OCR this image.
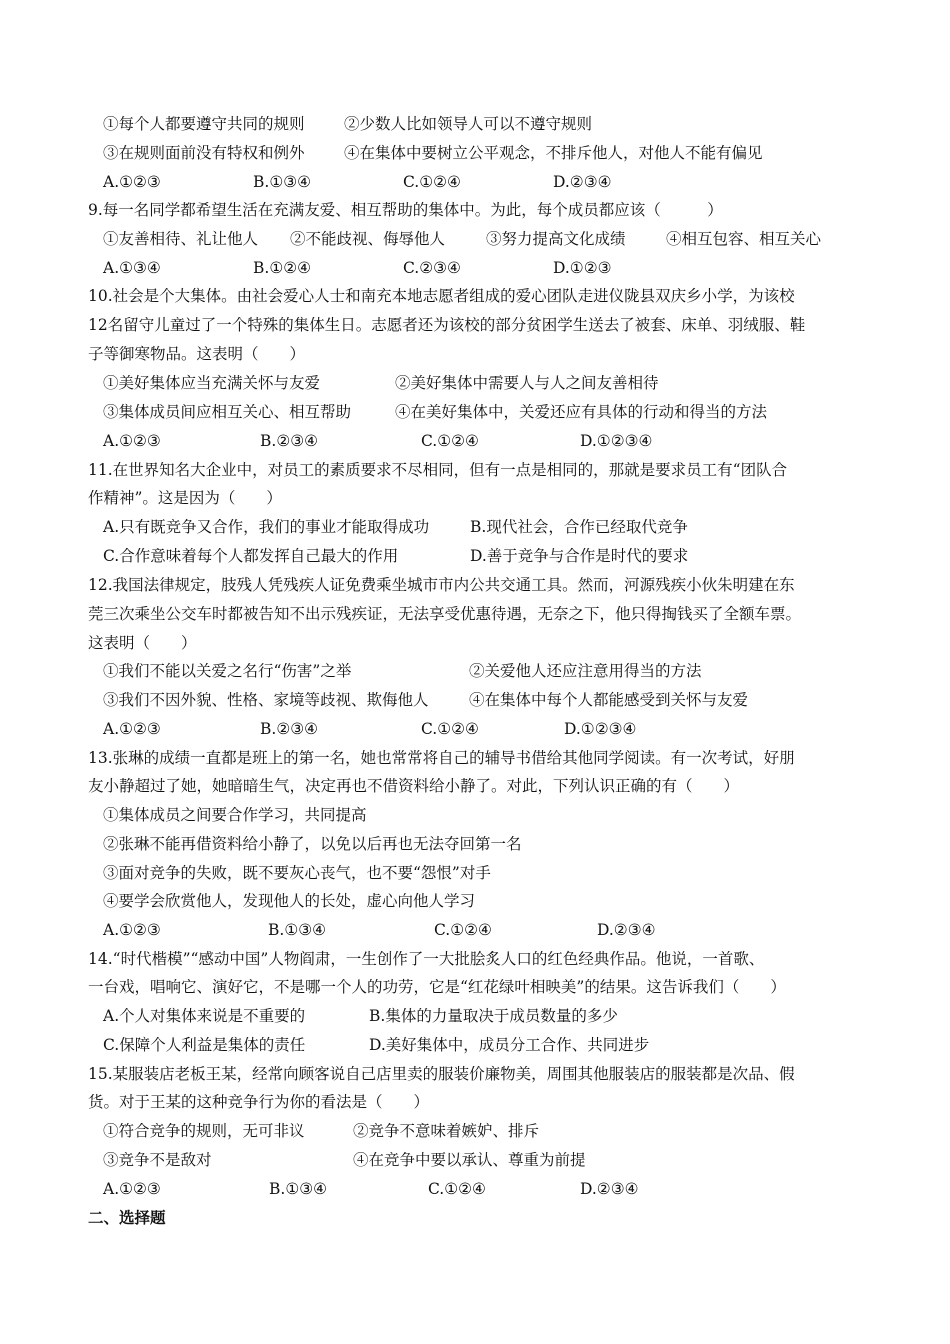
①每个人都要遵守共同的规则	②少数人比如领导人可以不遵守规则
③在规则面前没有特权和例外	④在集体中要树立公平观念，不排斥他人，对他人不能有偏见
A.①②③	B.①③④	C.①②④	D.②③④
9.每一名同学都希望生活在充满友爱、相互帮助的集体中。为此，每个成员都应该（　　　）
①友善相待、礼让他人 ②不能歧视、侮辱他人	③努力提高文化成绩	④相互包容、相互关心
A.①③④	B.①②④	C.②③④	D.①②③
10.社会是个大集体。由社会爱心人士和南充本地志愿者组成的爱心团队走进仪陇县双庆乡小学，为该校
12名留守儿童过了一个特殊的集体生日。志愿者还为该校的部分贫困学生送去了被套、床单、羽绒服、鞋
子等御寒物品。这表明（　　）
①美好集体应当充满关怀与友爱	②美好集体中需要人与人之间友善相待
③集体成员间应相互关心、相互帮助	④在美好集体中，关爱还应有具体的行动和得当的方法
A.①②③	B.②③④	C.①②④	D.①②③④
11.在世界知名大企业中，对员工的素质要求不尽相同，但有一点是相同的，那就是要求员工有“团队合
作精神”。这是因为（　　）
A.只有既竞争又合作，我们的事业才能取得成功	B.现代社会，合作已经取代竞争
C.合作意味着每个人都发挥自己最大的作用	D.善于竞争与合作是时代的要求
12.我国法律规定，肢残人凭残疾人证免费乘坐城市市内公共交通工具。然而，河源残疾小伙朱明建在东
莞三次乘坐公交车时都被告知不出示残疾证，无法享受优惠待遇，无奈之下，他只得掏钱买了全额车票。
这表明（　　）
①我们不能以关爱之名行“伤害”之举	②关爱他人还应注意用得当的方法
③我们不因外貌、性格、家境等歧视、欺侮他人	④在集体中每个人都能感受到关怀与友爱
A.①②③	B.②③④	C.①②④	D.①②③④
13.张琳的成绩一直都是班上的第一名，她也常常将自己的辅导书借给其他同学阅读。有一次考试，好朋
友小静超过了她，她暗暗生气，决定再也不借资料给小静了。对此，下列认识正确的有（　　）
①集体成员之间要合作学习，共同提高
②张琳不能再借资料给小静了，以免以后再也无法夺回第一名
③面对竞争的失败，既不要灰心丧气，也不要“怨恨”对手
④要学会欣赏他人，发现他人的长处，虚心向他人学习
A.①②③	B.①③④	C.①②④	D.②③④
14.“时代楷模”“感动中国”人物阎肃，一生创作了一大批脍炙人口的红色经典作品。他说，一首歌、
一台戏，唱响它、演好它，不是哪一个人的功劳，它是“红花绿叶相映美”的结果。这告诉我们（　　）
A.个人对集体来说是不重要的	B.集体的力量取决于成员数量的多少
C.保障个人利益是集体的责任	D.美好集体中，成员分工合作、共同进步
15.某服装店老板王某，经常向顾客说自己店里卖的服装价廉物美，周围其他服装店的服装都是次品、假
货。对于王某的这种竞争行为你的看法是（　　）
①符合竞争的规则，无可非议	②竞争不意味着嫉妒、排斥
③竞争不是敌对	④在竞争中要以承认、尊重为前提
A.①②③	B.①③④	C.①②④	D.②③④
二、选择题
